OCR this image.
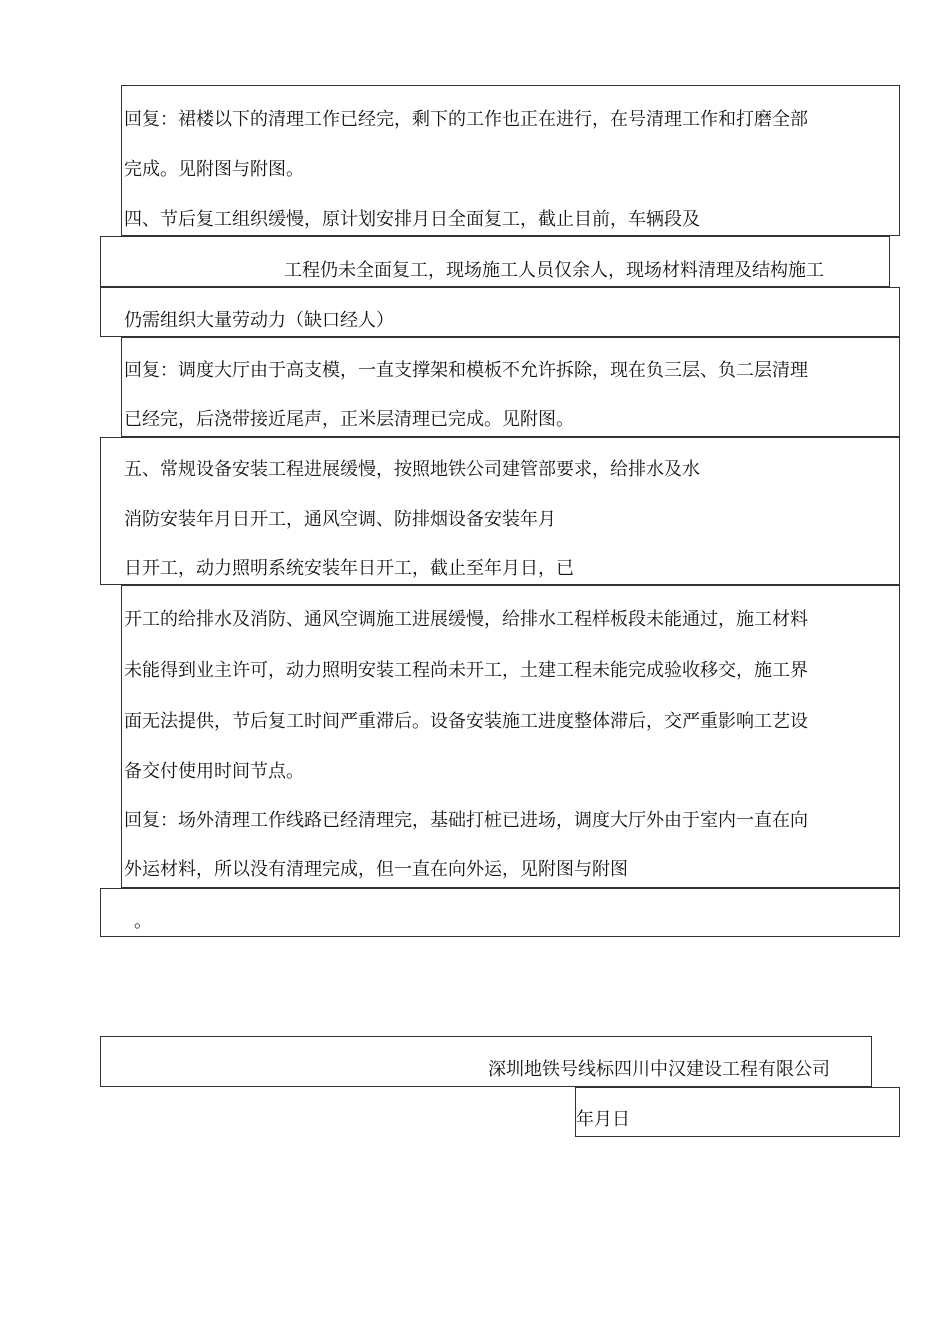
回复：裙楼以下的清理工作已经完，剩下的工作也正在进行，在号清理工作和打磨全部
完成。见附图与附图。
四、节后复工组织缓慢，原计划安排月日全面复工，截止目前，车辆段及
工程仍未全面复工，现场施工人员仅余人，现场材料清理及结构施工
仍需组织大量劳动力（缺口经人）
回复：调度大厅由于高支模，一直支撑架和模板不允许拆除，现在负三层、负二层清理
已经完，后浇带接近尾声，正米层清理已完成。见附图。
五、常规设备安装工程进展缓慢，按照地铁公司建管部要求，给排水及水
消防安装年月日开工，通风空调、防排烟设备安装年月
日开工，动力照明系统安装年日开工，截止至年月日，已
开工的给排水及消防、通风空调施工进展缓慢，给排水工程样板段未能通过，施工材料
未能得到业主许可，动力照明安装工程尚未开工，土建工程未能完成验收移交，施工界
面无法提供，节后复工时间严重滞后。设备安装施工进度整体滞后，交严重影响工艺设
备交付使用时间节点。
回复：场外清理工作线路已经清理完，基础打桩已进场，调度大厅外由于室内一直在向
外运材料，所以没有清理完成，但一直在向外运，见附图与附图
。
深圳地铁号线标四川中汉建设工程有限公司
年月日
